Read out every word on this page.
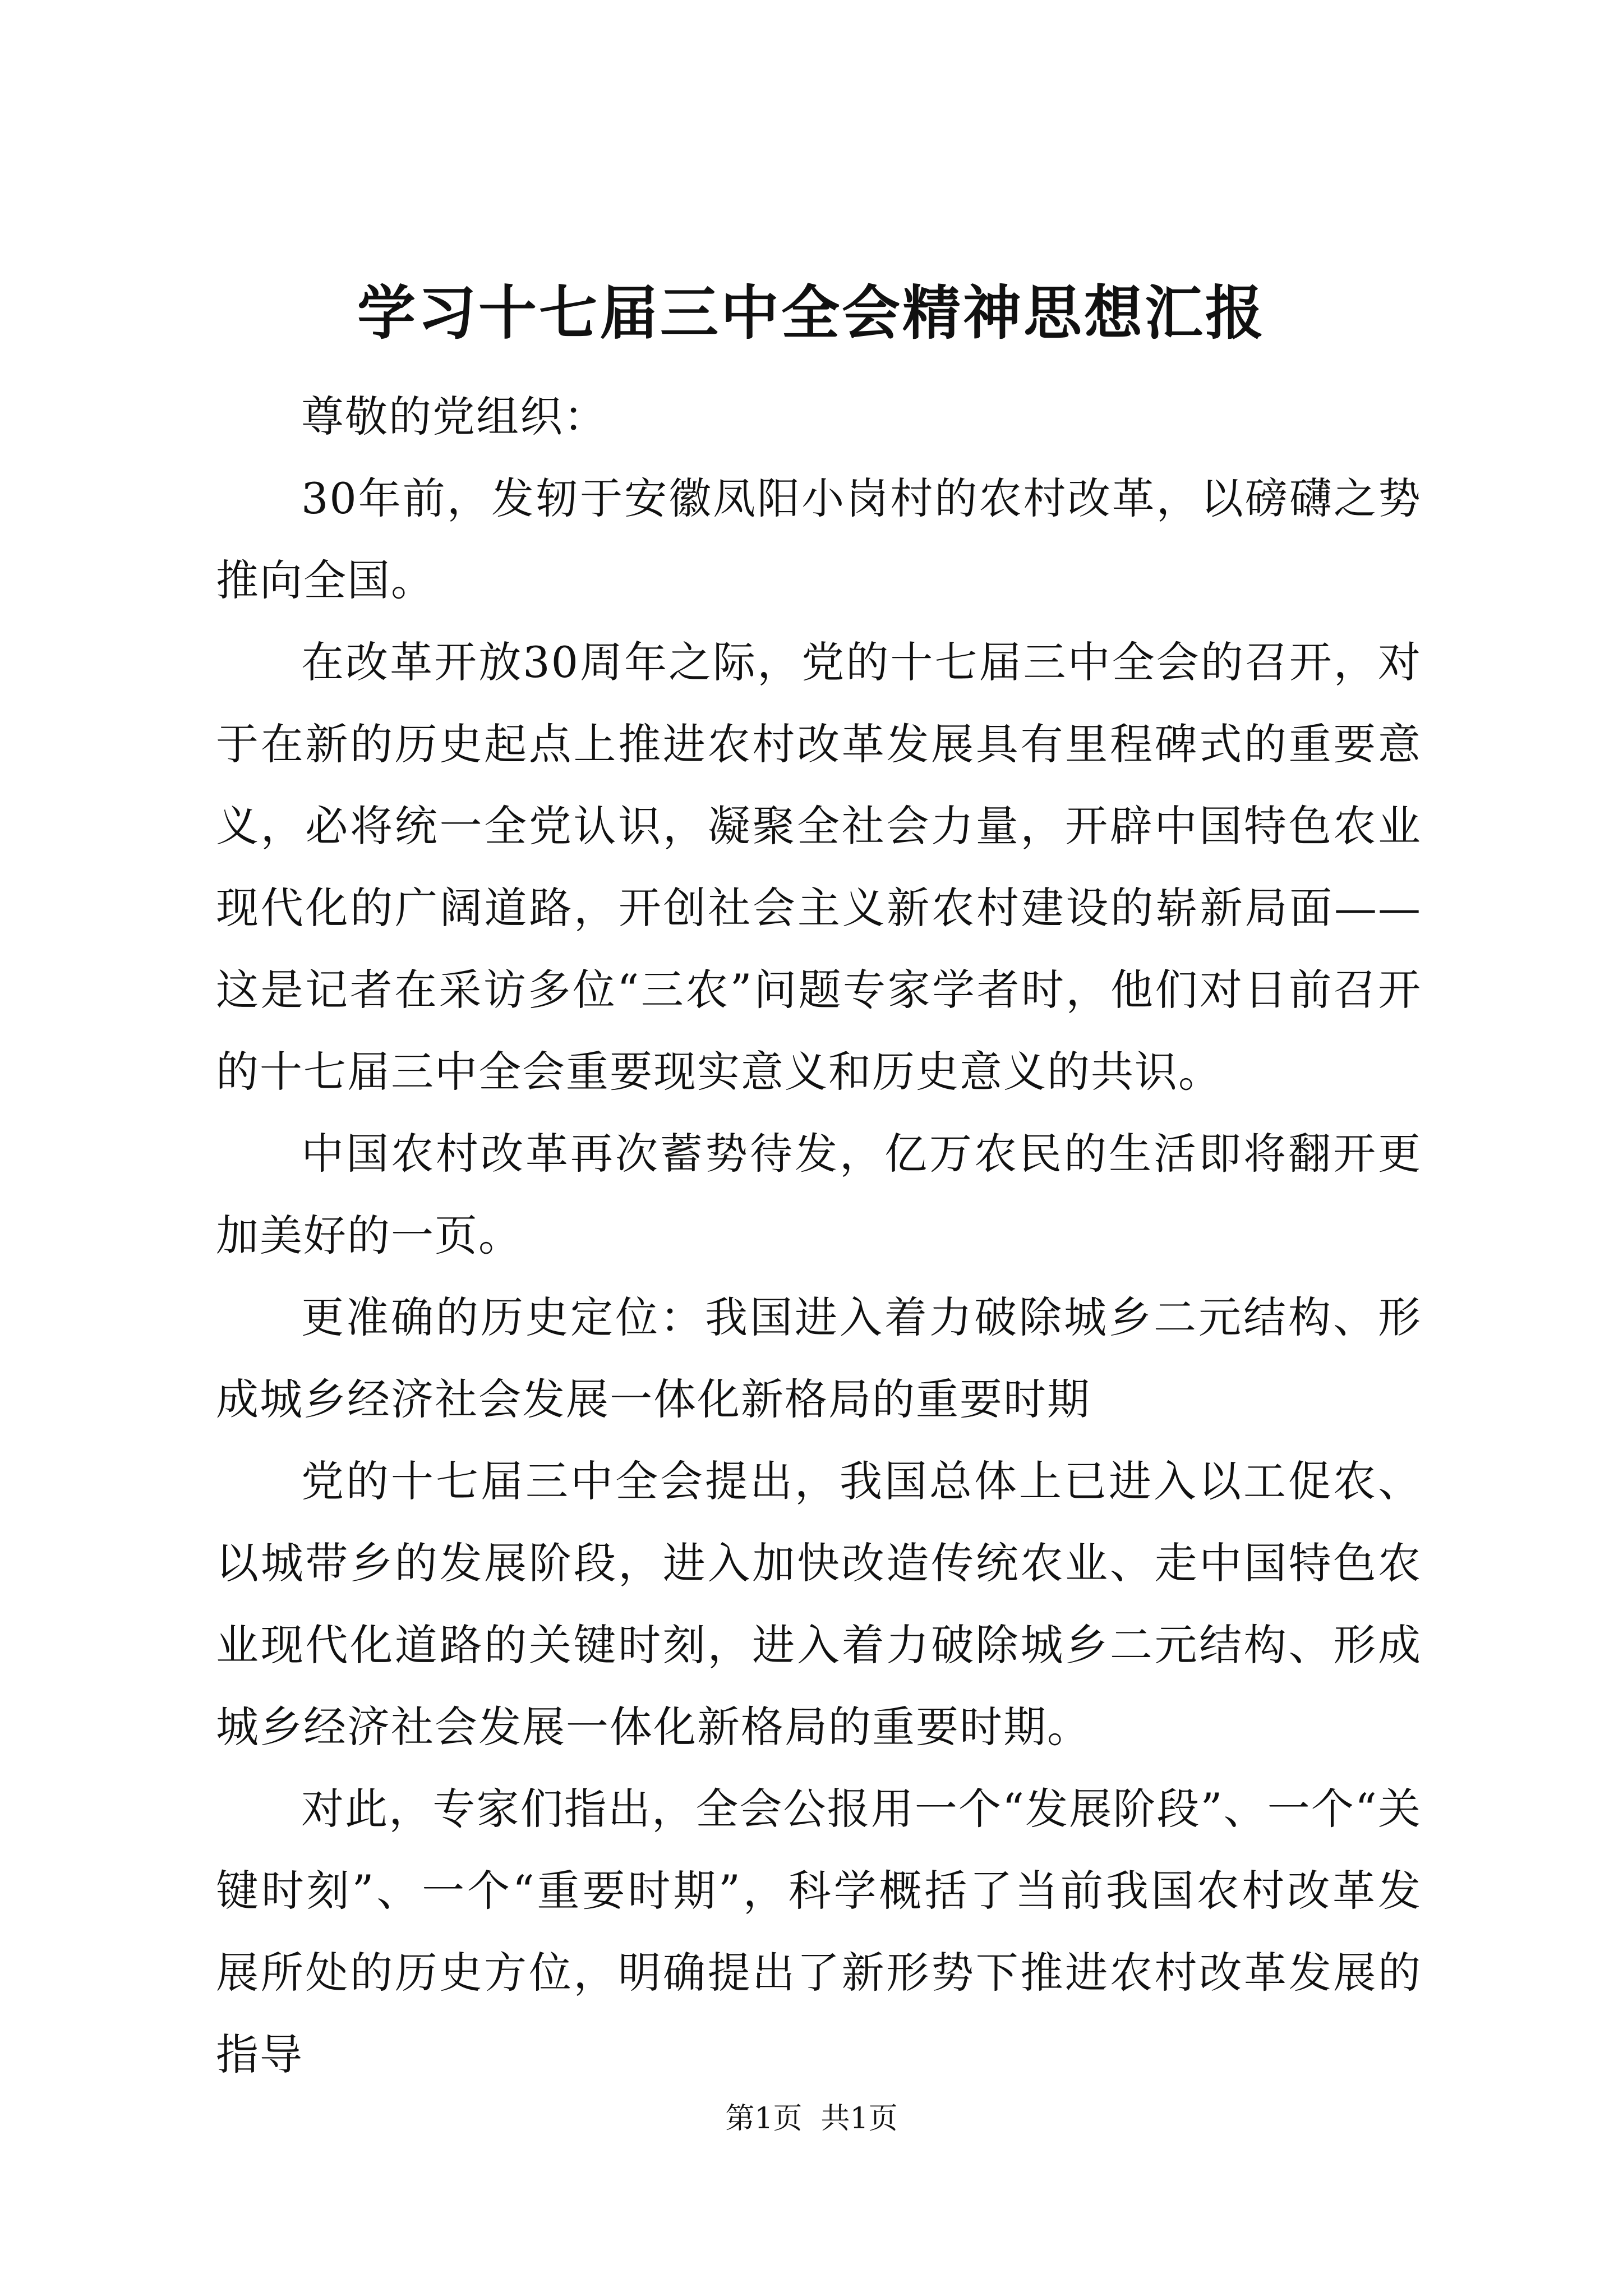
学习十七届三中全会精神思想汇报

尊敬的党组织：

30年前，发轫于安徽凤阳小岗村的农村改革，以磅礴之势推向全国。

在改革开放30周年之际，党的十七届三中全会的召开，对于在新的历史起点上推进农村改革发展具有里程碑式的重要意义，必将统一全党认识，凝聚全社会力量，开辟中国特色农业现代化的广阔道路，开创社会主义新农村建设的崭新局面——这是记者在采访多位“三农”问题专家学者时，他们对日前召开的十七届三中全会重要现实意义和历史意义的共识。

中国农村改革再次蓄势待发，亿万农民的生活即将翻开更加美好的一页。

更准确的历史定位：我国进入着力破除城乡二元结构、形成城乡经济社会发展一体化新格局的重要时期

党的十七届三中全会提出，我国总体上已进入以工促农、以城带乡的发展阶段，进入加快改造传统农业、走中国特色农业现代化道路的关键时刻，进入着力破除城乡二元结构、形成城乡经济社会发展一体化新格局的重要时期。

对此，专家们指出，全会公报用一个“发展阶段”、一个“关键时刻”、一个“重要时期”，科学概括了当前我国农村改革发展所处的历史方位，明确提出了新形势下推进农村改革发展的指导

第1页 共1页
